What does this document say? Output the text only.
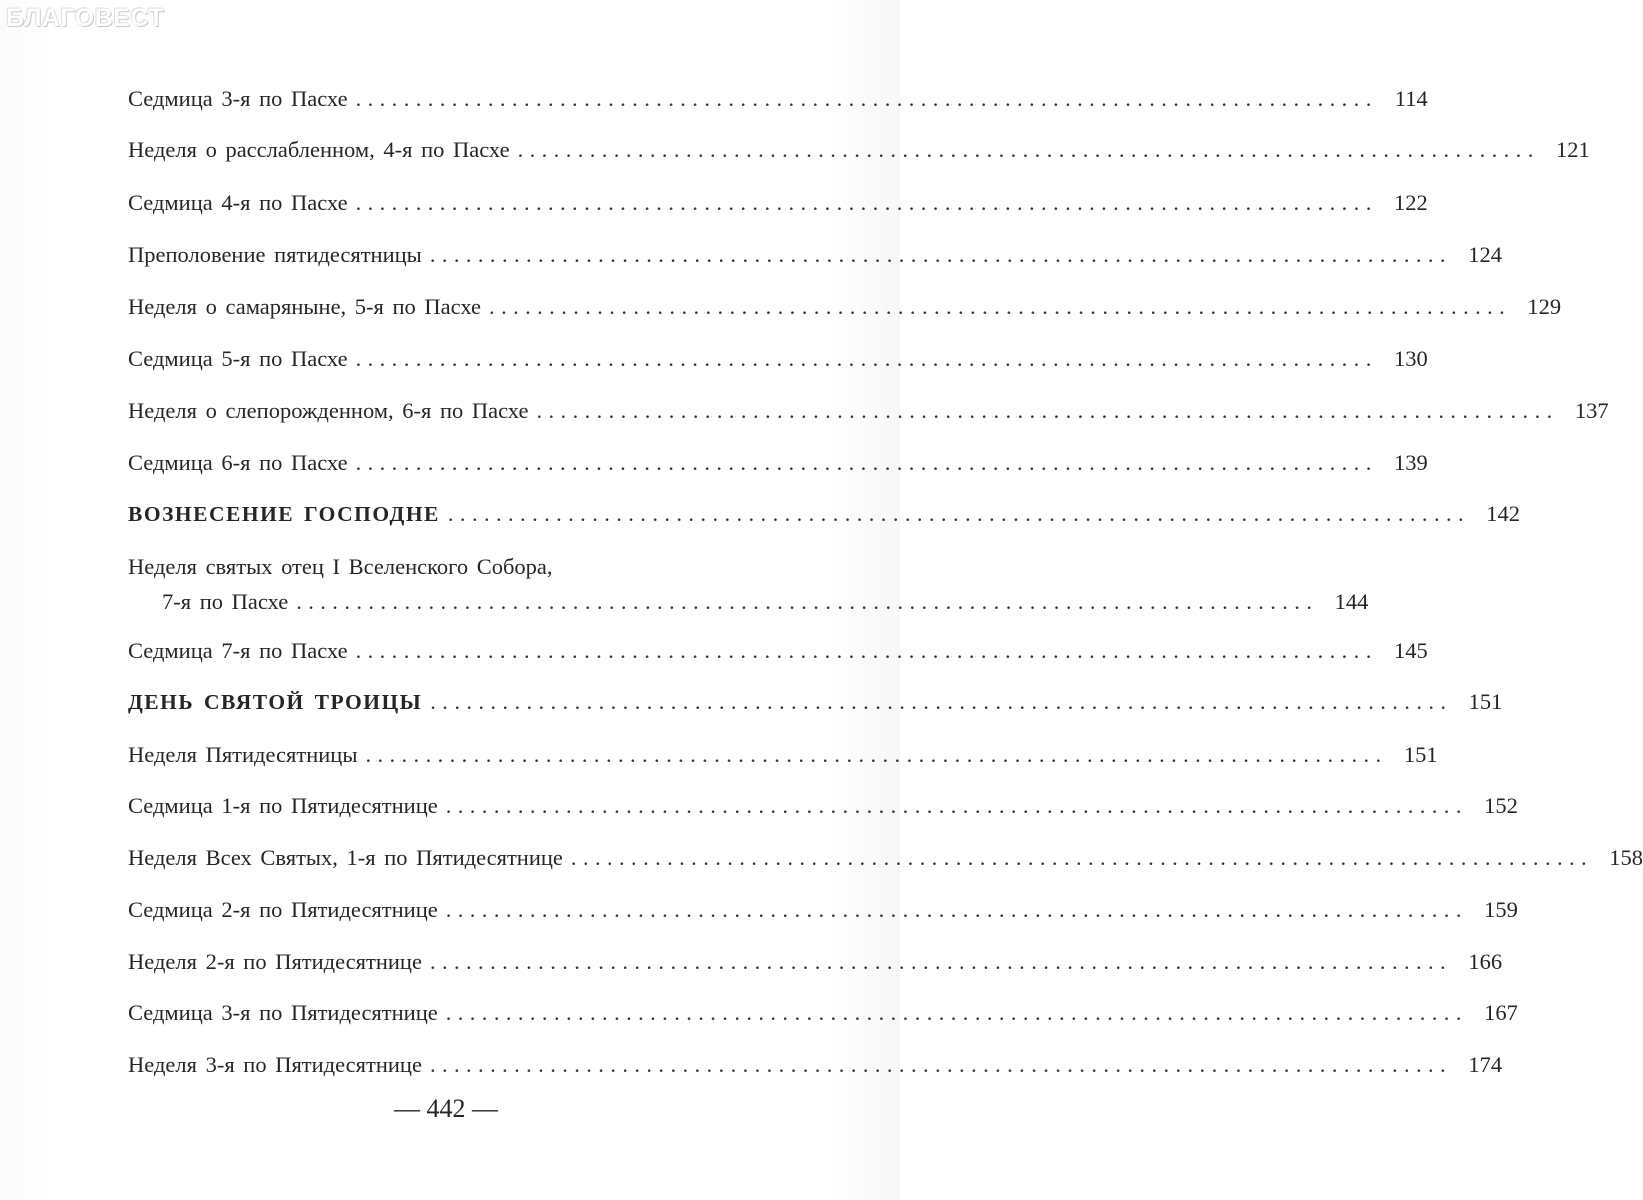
БЛАГОВЕСТ
Седмица 3-я по Пасхе ..................................................................................... 114
Неделя о расслабленном, 4-я по Пасхе ..................................................................................... 121
Седмица 4-я по Пасхе ..................................................................................... 122
Преполовение пятидесятницы ..................................................................................... 124
Неделя о самаряныне, 5-я по Пасхе ..................................................................................... 129
Седмица 5-я по Пасхе ..................................................................................... 130
Неделя о слепорожденном, 6-я по Пасхе ..................................................................................... 137
Седмица 6-я по Пасхе ..................................................................................... 139
ВОЗНЕСЕНИЕ ГОСПОДНЕ ..................................................................................... 142
Неделя святых отец I Вселенского Собора,
7-я по Пасхе ..................................................................................... 144
Седмица 7-я по Пасхе ..................................................................................... 145
ДЕНЬ СВЯТОЙ ТРОИЦЫ ..................................................................................... 151
Неделя Пятидесятницы ..................................................................................... 151
Седмица 1-я по Пятидесятнице ..................................................................................... 152
Неделя Всех Святых, 1-я по Пятидесятнице ..................................................................................... 158
Седмица 2-я по Пятидесятнице ..................................................................................... 159
Неделя 2-я по Пятидесятнице ..................................................................................... 166
Седмица 3-я по Пятидесятнице ..................................................................................... 167
Неделя 3-я по Пятидесятнице ..................................................................................... 174
— 442 —
